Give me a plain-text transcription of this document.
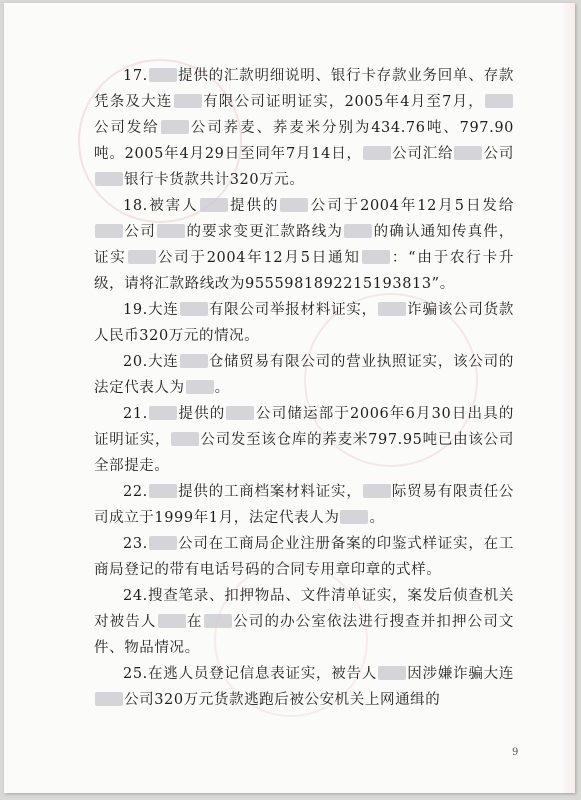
17. 提供的汇款明细说明、银行卡存款业务回单、存款凭条及大连 有限公司证明证实，2005年4月至7月，公司发给 公司荞麦、荞麦米分别为434.76吨、797.90吨。2005年4月29日至同年7月14日， 公司汇给 公司银行卡货款共计320万元。

18.被害人 提供的 公司于2004年12月5日发给公司 的要求变更汇款路线为 的确认通知传真件，证实 公司于2004年12月5日通知 ：“由于农行卡升级，请将汇款路线改为9555981892215193813”。

19.大连 有限公司举报材料证实， 诈骗该公司货款人民币320万元的情况。

20.大连 仓储贸易有限公司的营业执照证实，该公司的法定代表人为 。

21. 提供的 公司储运部于2006年6月30日出具的证明证实， 公司发至该仓库的荞麦米797.95吨已由该公司全部提走。

22. 提供的工商档案材料证实， 际贸易有限责任公司成立于1999年1月，法定代表人为 。

23. 公司在工商局企业注册备案的印鉴式样证实，在工商局登记的带有电话号码的合同专用章印章的式样。

24.搜查笔录、扣押物品、文件清单证实，案发后侦查机关对被告人 在 公司的办公室依法进行搜查并扣押公司文件、物品情况。

25.在逃人员登记信息表证实，被告人 因涉嫌诈骗大连公司320万元货款逃跑后被公安机关上网通缉的

9
